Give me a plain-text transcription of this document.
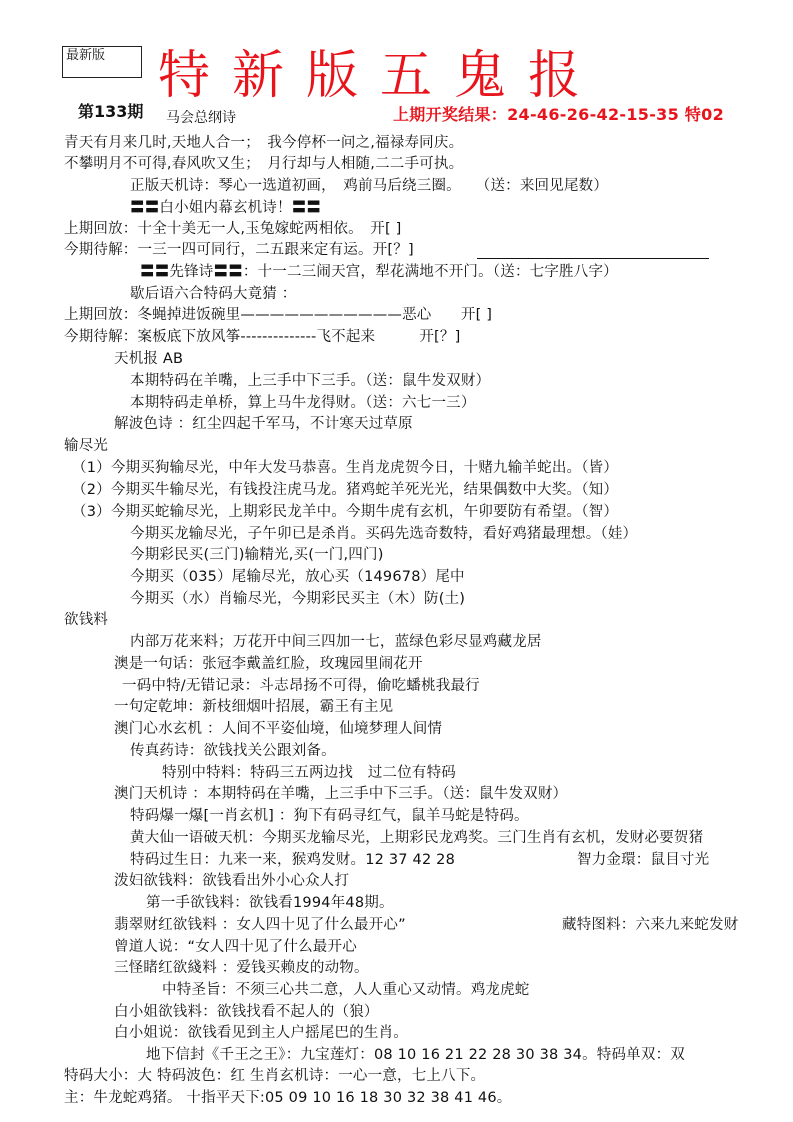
最新版	特新版五鬼报
第133期 马会总纲诗	上期开奖结果：24-46-26-42-15-35 特02
青天有月来几时,天地人合一；　我今停杯一问之,福禄寿同庆。
不攀明月不可得,春风吹又生；　月行却与人相随,二二手可执。
正版天机诗：琴心一选道初画，　鸡前马后绕三圈。　　（送：来回见尾数）
〓〓白小姐内幕玄机诗！〓〓
上期回放：十全十美无一人,玉兔嫁蛇两相依。　开[ ]
今期待解：一三一四可同行，二五跟来定有运。开[？]
〓〓先锋诗〓〓：十一二三闹天宫，犁花满地不开门。（送：七字胜八字）
歇后语六合特码大竟猜 ：
上期回放：冬蝇掉进饭碗里———————————恶心　　开[ ]
今期待解：案板底下放风筝--------------飞不起来　　　开[？]
天机报 AB
本期特码在羊嘴，上三手中下三手。（送：鼠牛发双财）
本期特码走单桥，算上马牛龙得财。（送：六七一三）
解波色诗 ：红尘四起千军马，不计寒天过草原
输尽光
（1）今期买狗输尽光，中年大发马恭喜。生肖龙虎贺今日，十赌九输羊蛇出。（皆）
（2）今期买牛输尽光，有钱投注虎马龙。猪鸡蛇羊死光光，结果偶数中大奖。（知）
（3）今期买蛇输尽光，上期彩民龙羊中。今期牛虎有玄机，午卯要防有希望。（智）
今期买龙输尽光，子午卯已是杀肖。买码先选奇数特，看好鸡猪最理想。（娃）
今期彩民买(三门)输精光,买(一门,四门)
今期买（035）尾输尽光，放心买（149678）尾中
今期买（水）肖输尽光，今期彩民买主（木）防(土)
欲钱料
内部万花来料；万花开中间三四加一七，蓝绿色彩尽显鸡藏龙居
澳是一句话：张冠李戴盖红脸，玫瑰园里闹花开
一码中特/无错记录：斗志昂扬不可得，偷吃蟠桃我最行
一句定乾坤：新枝细烟叶招展，霸王有主见
澳门心水玄机 ：人间不平姿仙境，仙境梦理人间情
传真药诗：欲钱找关公跟刘备。
特别中特料：特码三五两边找　过二位有特码
澳门天机诗 ：本期特码在羊嘴，上三手中下三手。（送：鼠牛发双财）
特码爆一爆[一肖玄机] ：狗下有码寻红气，鼠羊马蛇是特码。
黄大仙一语破天机：今期买龙输尽光，上期彩民龙鸡奖。三门生肖有玄机，发财必要贺猪
特码过生日：九来一来，猴鸡发财。12 37 42 28	智力金環：鼠目寸光
泼妇欲钱料：欲钱看出外小心众人打
第一手欲钱料：欲钱看1994年48期。
翡翠财红欲钱料 ：女人四十见了什么最开心”	藏特图料：六来九来蛇发财
曾道人说：“女人四十见了什么最开心
三怪睹红欲綫料 ：爱钱买赖皮的动物。
中特圣旨：不须三心共二意，人人重心又动情。鸡龙虎蛇
白小姐欲钱料：欲钱找看不起人的（狼）
白小姐说：欲钱看见到主人户摇尾巴的生肖。
地下信封《千王之王》：九宝莲灯：08 10 16 21 22 28 30 38 34。特码单双：双
特码大小：大 特码波色：红 生肖玄机诗：一心一意，七上八下。
主：牛龙蛇鸡猪。 十指平天下:05 09 10 16 18 30 32 38 41 46。
